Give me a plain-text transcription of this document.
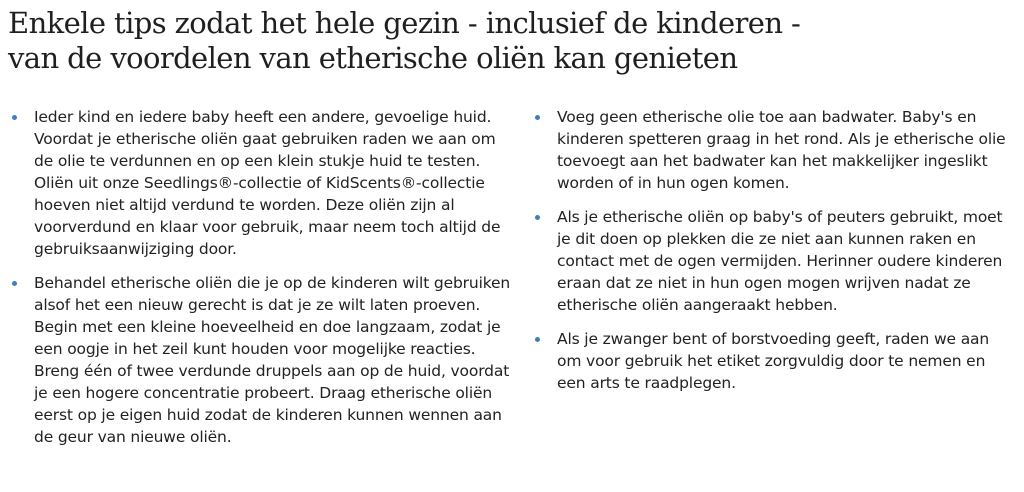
Enkele tips zodat het hele gezin - inclusief de kinderen -
van de voordelen van etherische oliën kan genieten
Ieder kind en iedere baby heeft een andere, gevoelige huid. Voordat je etherische oliën gaat gebruiken raden we aan om de olie te verdunnen en op een klein stukje huid te testen. Oliën uit onze Seedlings®-collectie of KidScents®-collectie hoeven niet altijd verdund te worden. Deze oliën zijn al voorverdund en klaar voor gebruik, maar neem toch altijd de gebruiksaanwijziging door.
Behandel etherische oliën die je op de kinderen wilt gebruiken alsof het een nieuw gerecht is dat je ze wilt laten proeven. Begin met een kleine hoeveelheid en doe langzaam, zodat je een oogje in het zeil kunt houden voor mogelijke reacties. Breng één of twee verdunde druppels aan op de huid, voordat je een hogere concentratie probeert. Draag etherische oliën eerst op je eigen huid zodat de kinderen kunnen wennen aan de geur van nieuwe oliën.
Voeg geen etherische olie toe aan badwater. Baby's en kinderen spetteren graag in het rond. Als je etherische olie toevoegt aan het badwater kan het makkelijker ingeslikt worden of in hun ogen komen.
Als je etherische oliën op baby's of peuters gebruikt, moet je dit doen op plekken die ze niet aan kunnen raken en contact met de ogen vermijden. Herinner oudere kinderen eraan dat ze niet in hun ogen mogen wrijven nadat ze etherische oliën aangeraakt hebben.
Als je zwanger bent of borstvoeding geeft, raden we aan om voor gebruik het etiket zorgvuldig door te nemen en een arts te raadplegen.
